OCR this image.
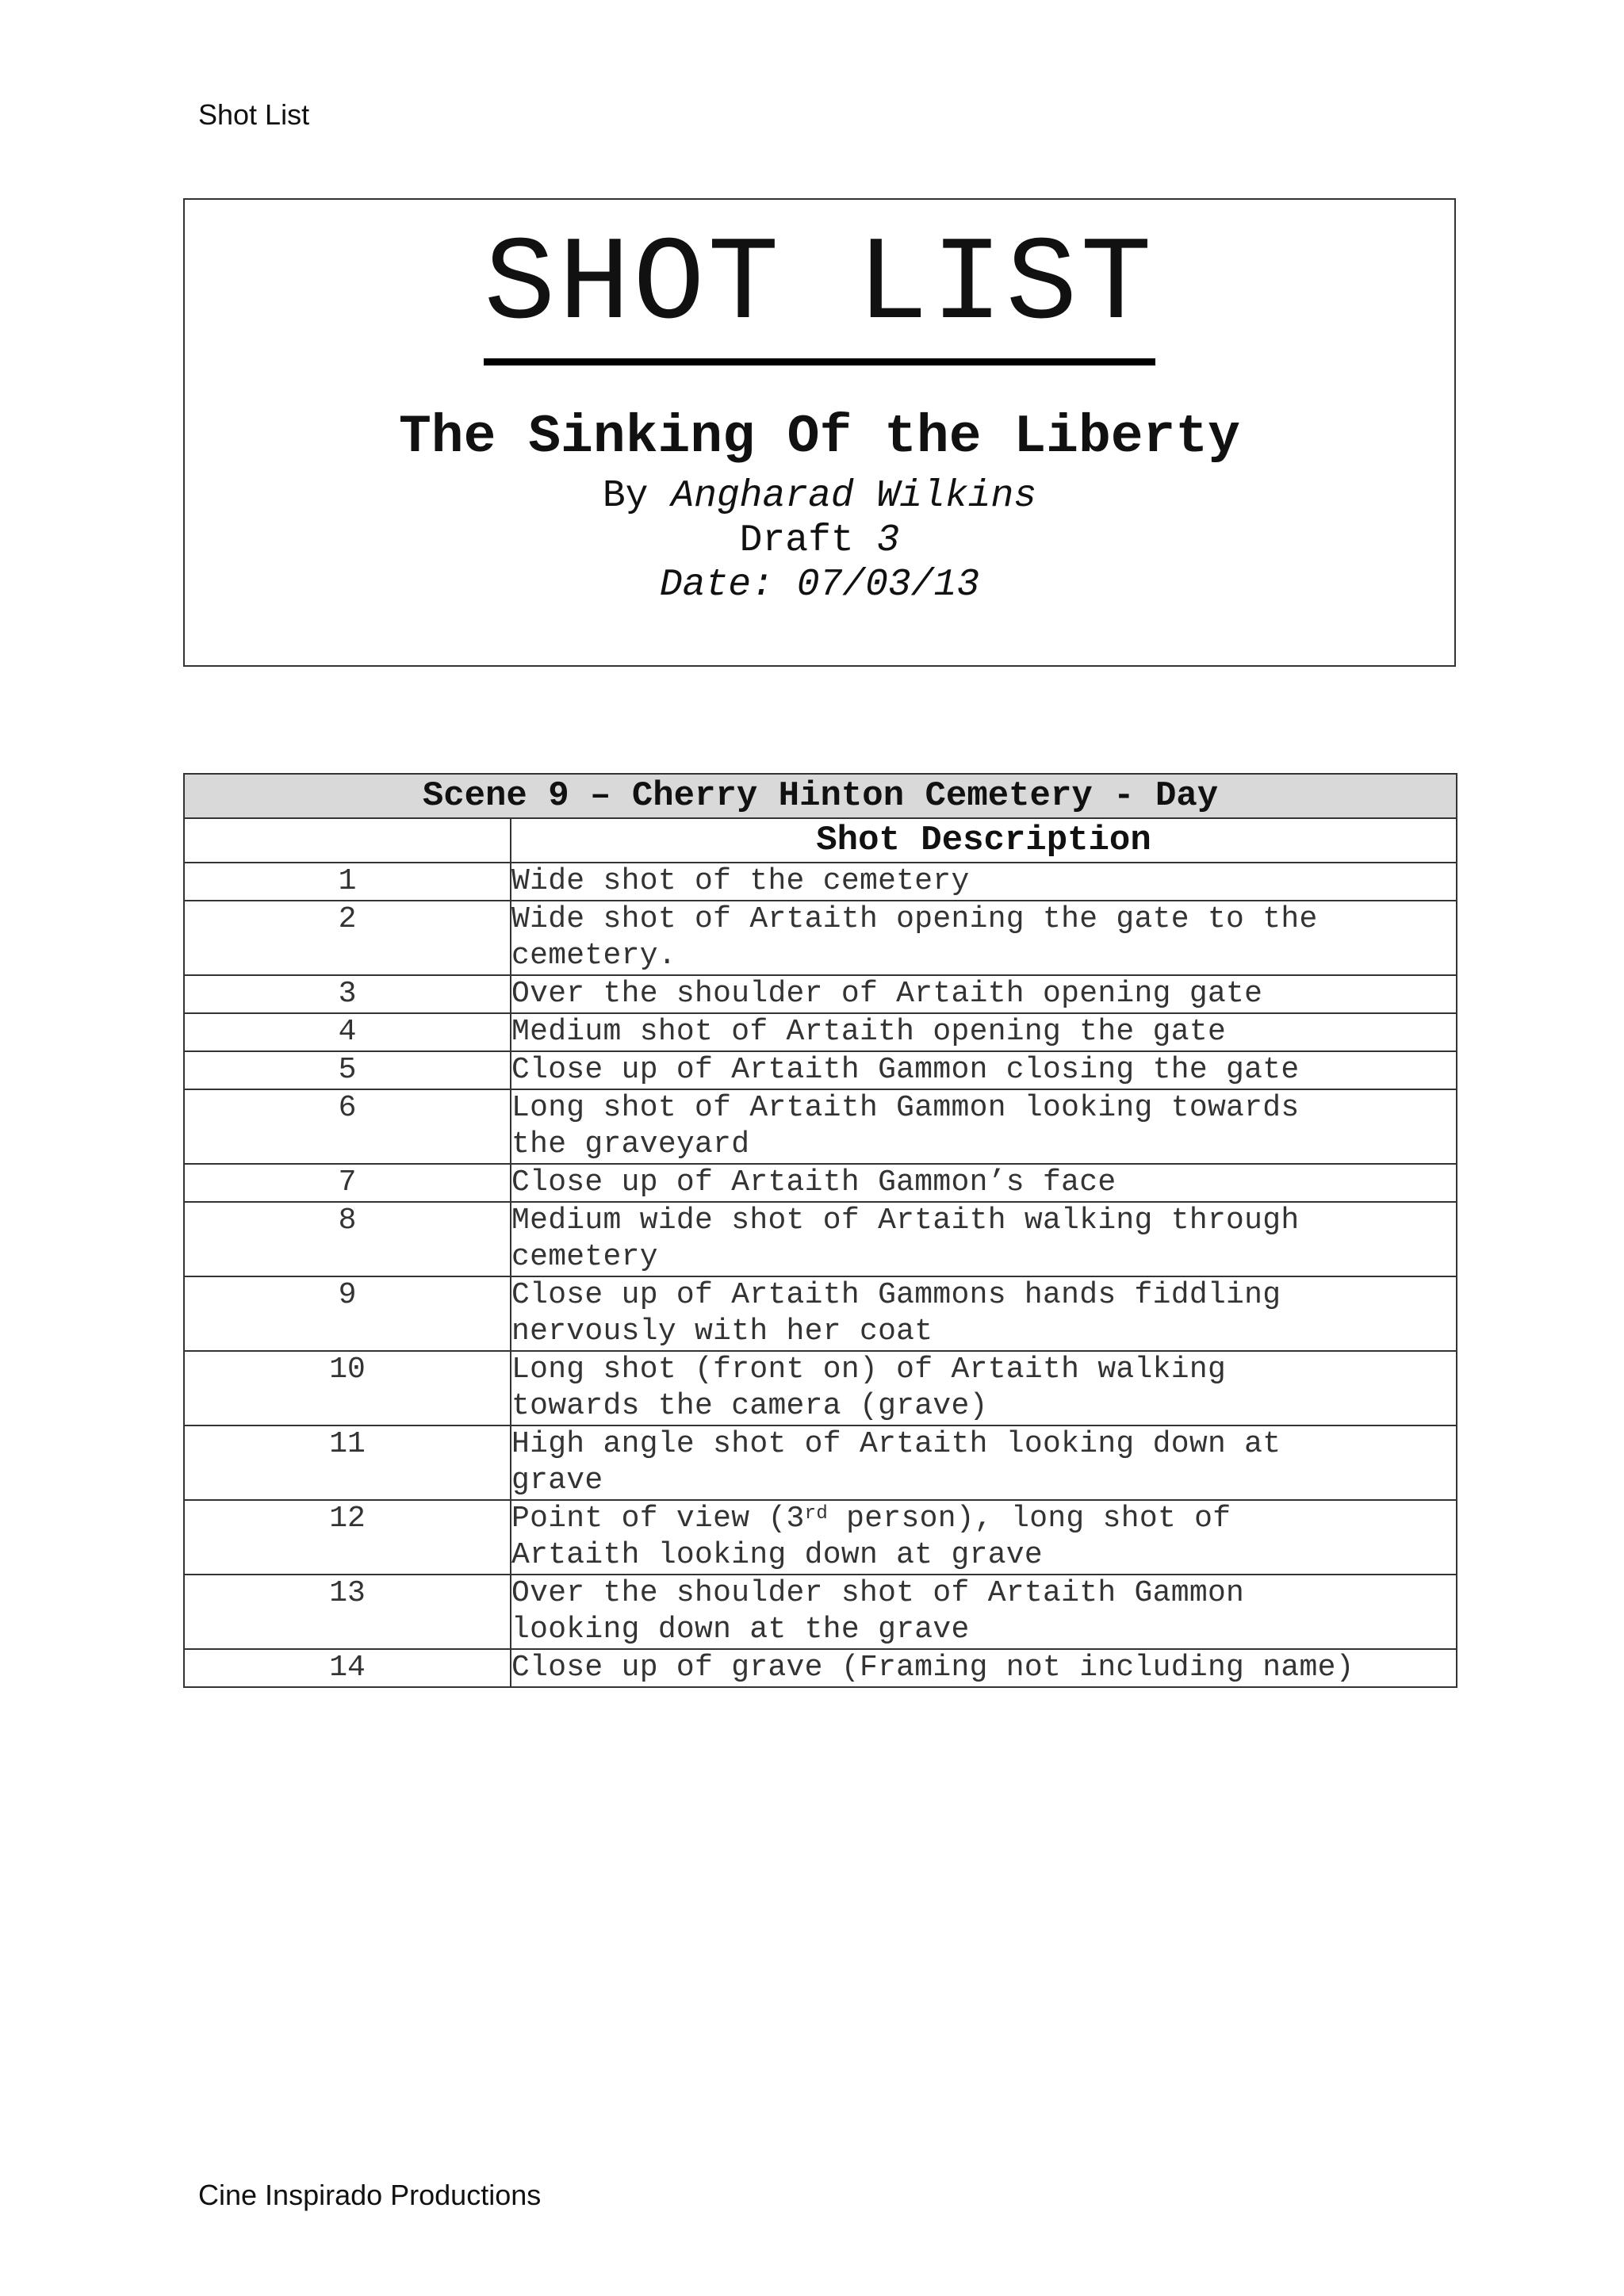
Shot List
SHOT LIST
The Sinking Of the Liberty
By Angharad Wilkins
Draft 3
Date: 07/03/13
Scene 9 – Cherry Hinton Cemetery - Day	
	Shot Description
1	Wide shot of the cemetery
2	Wide shot of Artaith opening the gate to the
cemetery.
3	Over the shoulder of Artaith opening gate
4	Medium shot of Artaith opening the gate
5	Close up of Artaith Gammon closing the gate
6	Long shot of Artaith Gammon looking towards
the graveyard
7	Close up of Artaith Gammon’s face
8	Medium wide shot of Artaith walking through
cemetery
9	Close up of Artaith Gammons hands fiddling
nervously with her coat
10	Long shot (front on) of Artaith walking
towards the camera (grave)
11	High angle shot of Artaith looking down at
grave
12	Point of view (3rd person), long shot of
Artaith looking down at grave
13	Over the shoulder shot of Artaith Gammon
looking down at the grave
14	Close up of grave (Framing not including name)
Cine Inspirado Productions
